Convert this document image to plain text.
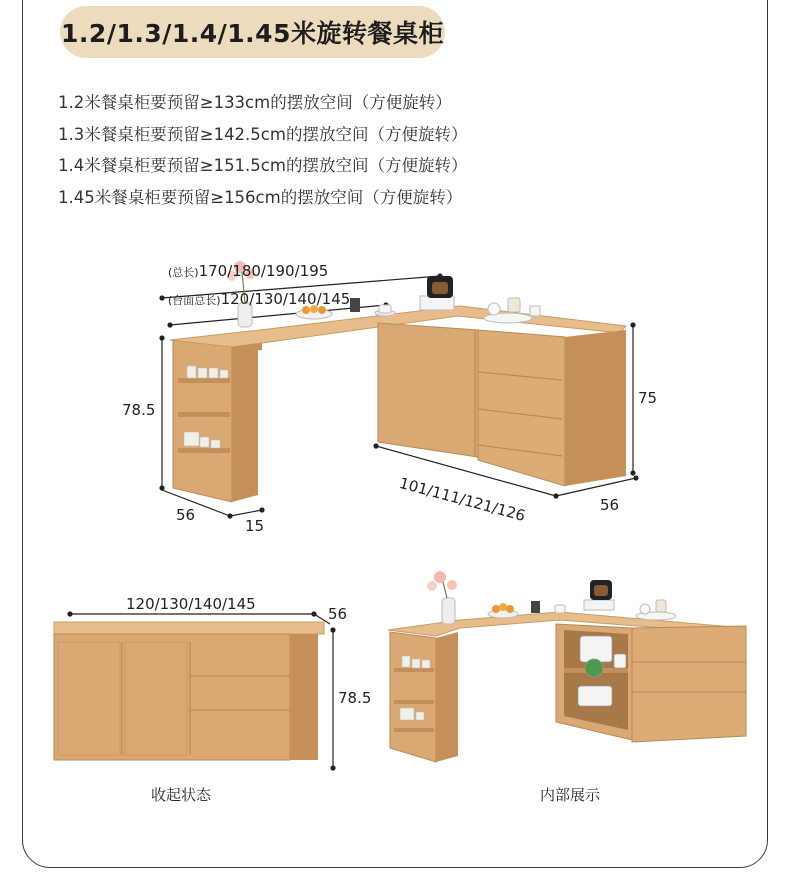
1.2/1.3/1.4/1.45米旋转餐桌柜
1.2米餐桌柜要预留≥133cm的摆放空间（方便旋转）
1.3米餐桌柜要预留≥142.5cm的摆放空间（方便旋转）
1.4米餐桌柜要预留≥151.5cm的摆放空间（方便旋转）
1.45米餐桌柜要预留≥156cm的摆放空间（方便旋转）
(总长)170/180/190/195
(台面总长)120/130/140/145
78.5
75
101/111/121/126
56
15
56
120/130/140/145
56
78.5
收起状态	内部展示
